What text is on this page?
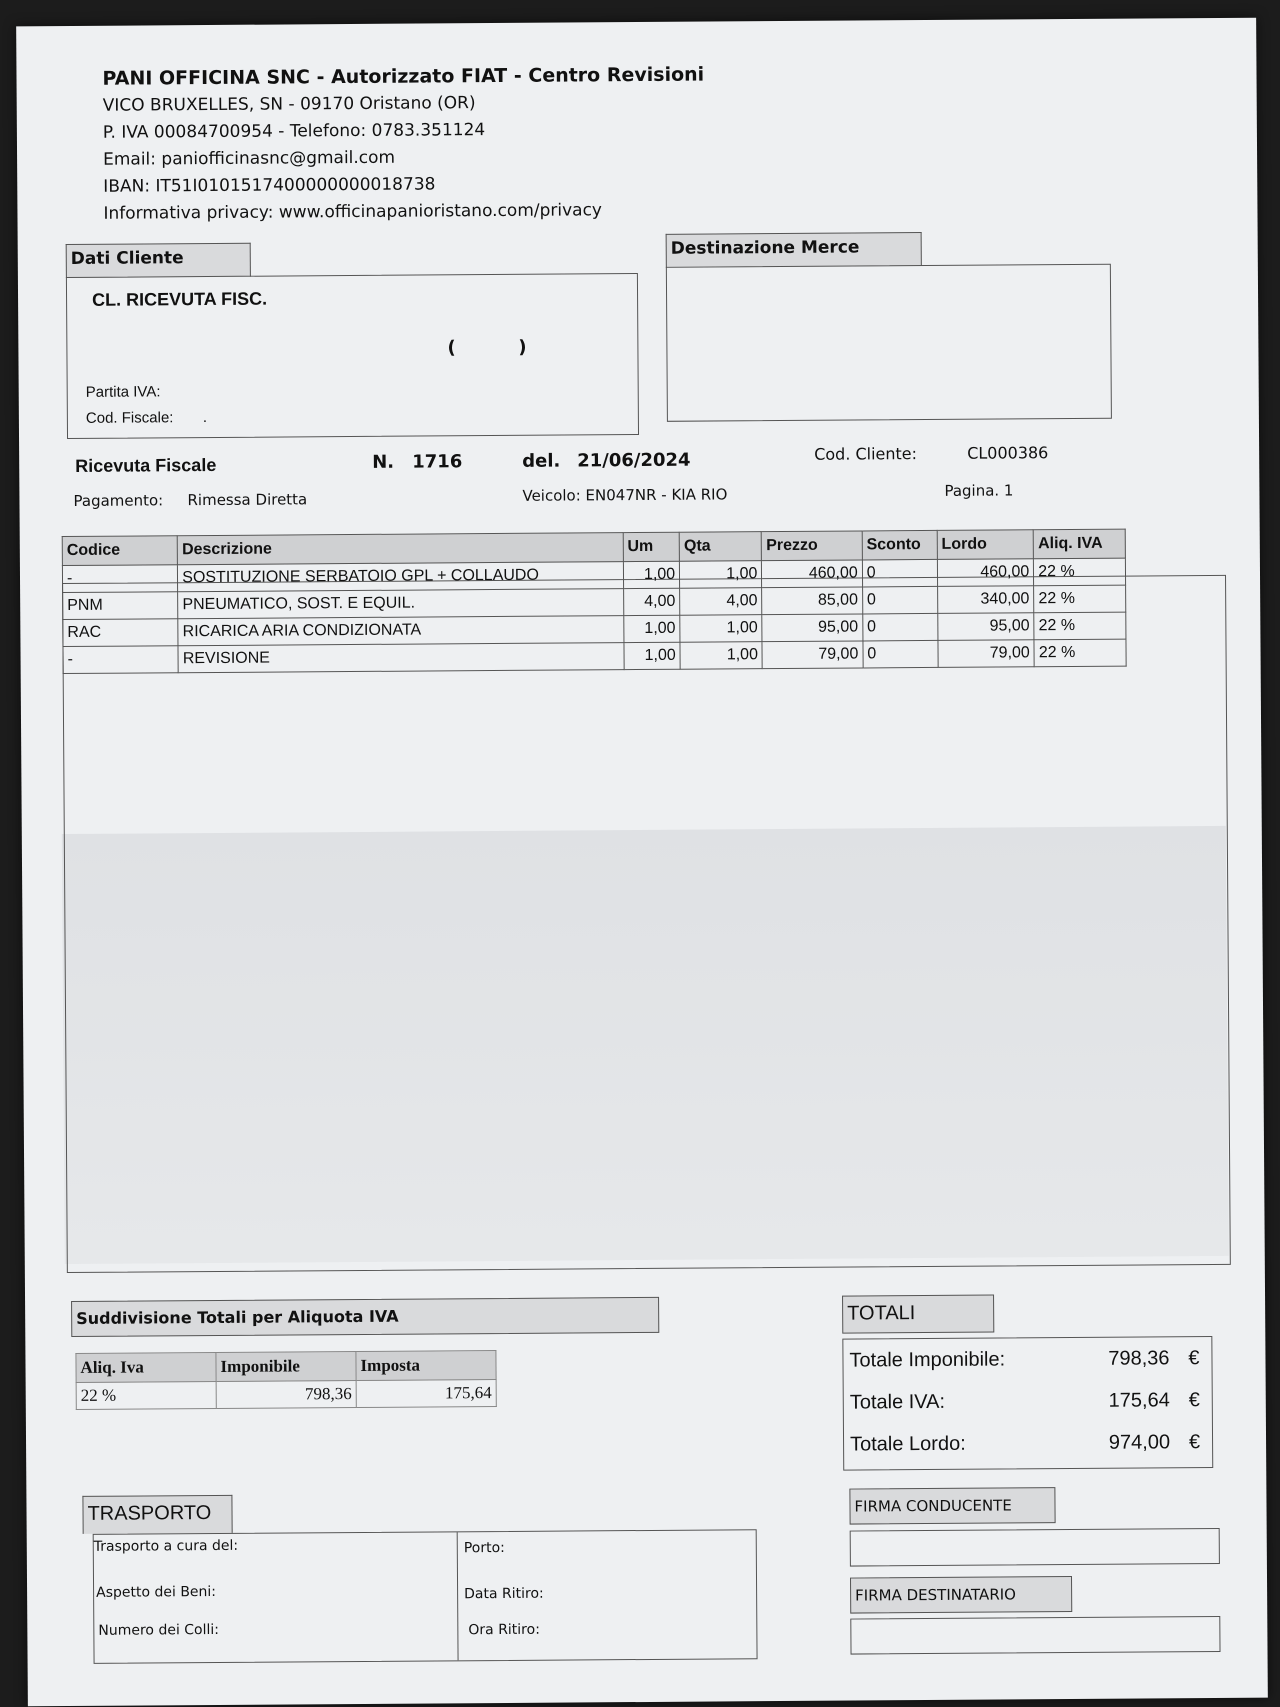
PANI OFFICINA SNC - Autorizzato FIAT - Centro Revisioni
VICO BRUXELLES, SN - 09170 Oristano (OR)
P. IVA 00084700954 - Telefono: 0783.351124
Email: paniofficinasnc@gmail.com
IBAN: IT51I0101517400000000018738
Informativa privacy: www.officinapanioristano.com/privacy
Dati Cliente
CL. RICEVUTA FISC.
(          )
Partita IVA:
Cod. Fiscale: .
Destinazione Merce
Ricevuta Fiscale	N. 1716	del. 21/06/2024	Cod. Cliente:	CL000386
Pagamento: Rimessa Diretta	Veicolo: EN047NR - KIA RIO	Pagina. 1
Codice	Descrizione	Um	Qta	Prezzo	Sconto	Lordo	Aliq. IVA
-	SOSTITUZIONE SERBATOIO GPL + COLLAUDO	1,00	1,00	460,00	0	460,00	22 %
PNM	PNEUMATICO, SOST. E EQUIL.	4,00	4,00	85,00	0	340,00	22 %
RAC	RICARICA ARIA CONDIZIONATA	1,00	1,00	95,00	0	95,00	22 %
-	REVISIONE	1,00	1,00	79,00	0	79,00	22 %
Suddivisione Totali per Aliquota IVA
Aliq. Iva	Imponibile	Imposta
22 %	798,36	175,64
TOTALI
Totale Imponibile:	798,36 €
Totale IVA:	175,64 €
Totale Lordo:	974,00 €
TRASPORTO
Trasporto a cura del:
Aspetto dei Beni:
Numero dei Colli:
Porto:
Data Ritiro:
Ora Ritiro:
FIRMA CONDUCENTE
FIRMA DESTINATARIO
